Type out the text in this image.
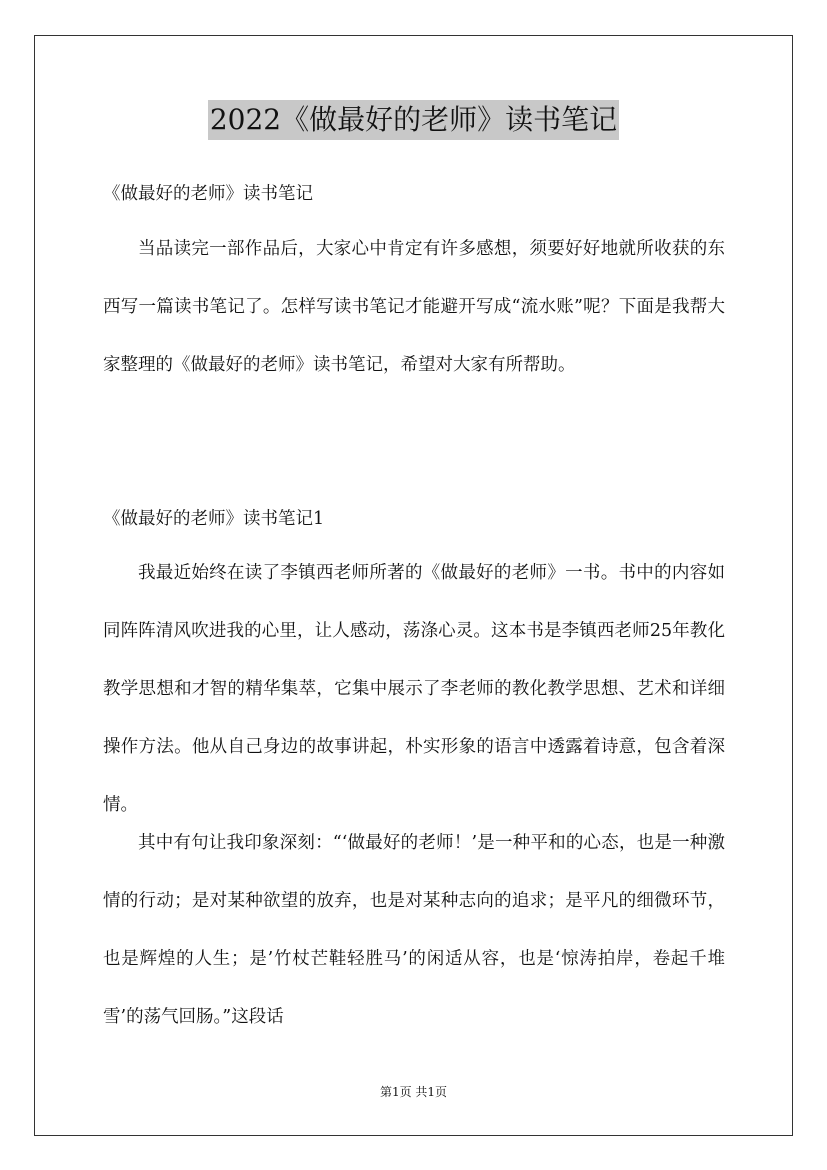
2022《做最好的老师》读书笔记
《做最好的老师》读书笔记
当品读完一部作品后，大家心中肯定有许多感想，须要好好地就所收获的东西写一篇读书笔记了。怎样写读书笔记才能避开写成“流水账”呢？下面是我帮大家整理的《做最好的老师》读书笔记，希望对大家有所帮助。
《做最好的老师》读书笔记1
我最近始终在读了李镇西老师所著的《做最好的老师》一书。书中的内容如同阵阵清风吹进我的心里，让人感动，荡涤心灵。这本书是李镇西老师25年教化教学思想和才智的精华集萃，它集中展示了李老师的教化教学思想、艺术和详细操作方法。他从自己身边的故事讲起，朴实形象的语言中透露着诗意，包含着深情。
其中有句让我印象深刻：“‘做最好的老师！’是一种平和的心态，也是一种激情的行动；是对某种欲望的放弃，也是对某种志向的追求；是平凡的细微环节，也是辉煌的人生；是’竹杖芒鞋轻胜马’的闲适从容，也是‘惊涛拍岸，卷起千堆雪’的荡气回肠。”这段话
第1页 共1页
